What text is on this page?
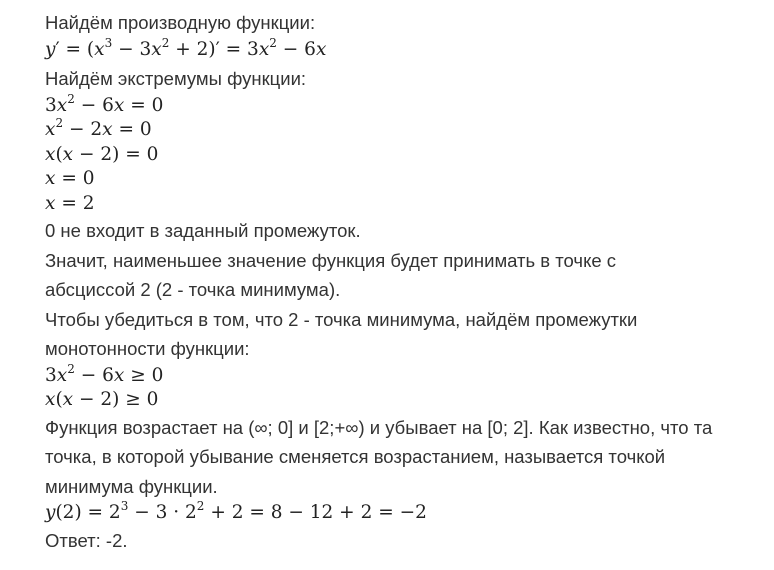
Найдём производную функции:

$y' = (x^3 - 3x^2 + 2)' = 3x^2 - 6x$

Найдём экстремумы функции:

$3x^2 - 6x = 0$

$x^2 - 2x = 0$

x(x − 2) = 0

x = 0

x = 2

0 не входит в заданный промежуток.

Значит, наименьшее значение функция будет принимать в точке с

абсциссой 2 (2 - точка минимума).

Чтобы убедиться в том, что 2 - точка минимума, найдём промежутки

монотонности функции:

$3x^2 - 6x \ge 0$

x(x − 2) ≥ 0

Функция возрастает на (∞; 0] и [2;+∞) и убывает на [0; 2]. Как известно, что та

точка, в которой убывание сменяется возрастанием, называется точкой

минимума функции.

$y(2) = 2^3 - 3 \cdot 2^2 + 2 = 8 - 12 + 2 = -2$

Ответ: -2.
